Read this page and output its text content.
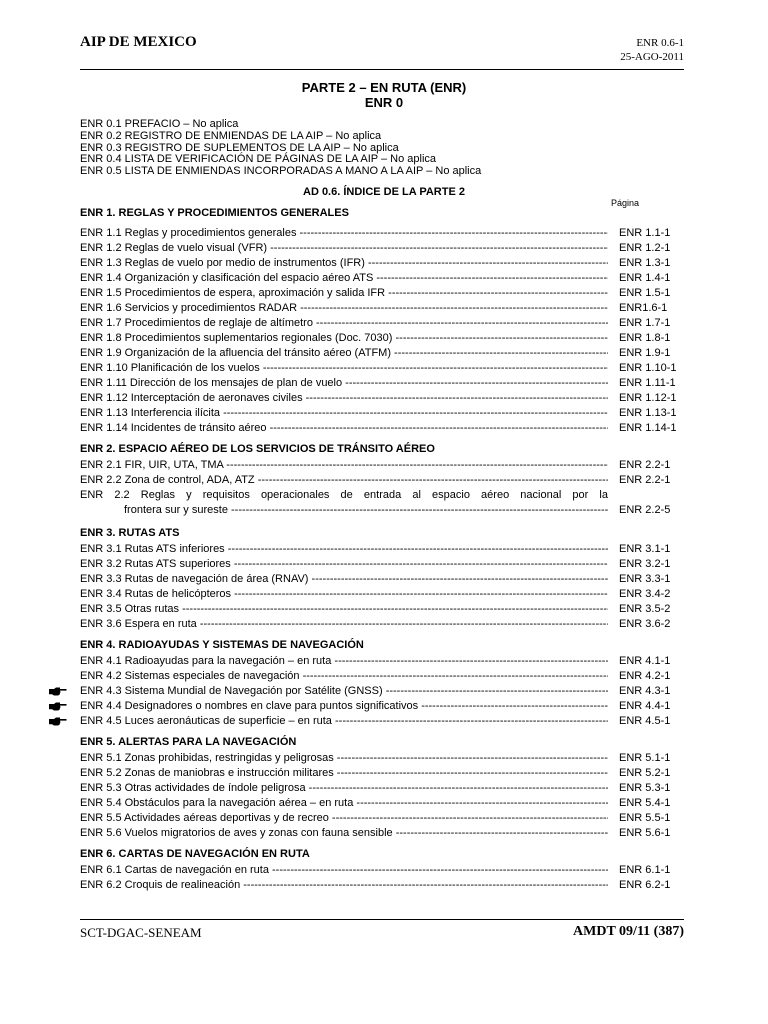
AIP DE MEXICO	ENR 0.6-1
25-AGO-2011
PARTE 2 – EN RUTA (ENR)
ENR 0
ENR 0.1 PREFACIO – No aplica
ENR 0.2 REGISTRO DE ENMIENDAS DE LA AIP – No aplica
ENR 0.3 REGISTRO DE SUPLEMENTOS DE LA AIP – No aplica
ENR 0.4 LISTA DE VERIFICACIÓN DE PÁGINAS DE LA AIP – No aplica
ENR 0.5 LISTA DE ENMIENDAS INCORPORADAS A MANO A LA AIP – No aplica
AD 0.6. ÍNDICE DE LA PARTE 2
Página
ENR 1. REGLAS Y PROCEDIMIENTOS GENERALES
ENR 1.1 Reglas y procedimientos generales -----	ENR 1.1-1
ENR 1.2 Reglas de vuelo visual (VFR) -----	ENR 1.2-1
ENR 1.3 Reglas de vuelo por medio de instrumentos (IFR) -----	ENR 1.3-1
ENR 1.4 Organización y clasificación del espacio aéreo ATS -----	ENR 1.4-1
ENR 1.5 Procedimientos de espera, aproximación y salida IFR -----	ENR 1.5-1
ENR 1.6 Servicios y procedimientos RADAR -----	ENR1.6-1
ENR 1.7 Procedimientos de reglaje de altímetro -----	ENR 1.7-1
ENR 1.8 Procedimientos suplementarios regionales (Doc. 7030) -----	ENR 1.8-1
ENR 1.9 Organización de la afluencia del tránsito aéreo (ATFM) -----	ENR 1.9-1
ENR 1.10 Planificación de los vuelos -----	ENR 1.10-1
ENR 1.11 Dirección de los mensajes de plan de vuelo -----	ENR 1.11-1
ENR 1.12 Interceptación de aeronaves civiles -----	ENR 1.12-1
ENR 1.13 Interferencia ilícita -----	ENR 1.13-1
ENR 1.14 Incidentes de tránsito aéreo -----	ENR 1.14-1
ENR 2. ESPACIO AÉREO DE LOS SERVICIOS DE TRÁNSITO AÉREO
ENR 2.1 FIR, UIR, UTA, TMA -----	ENR 2.2-1
ENR 2.2 Zona de control, ADA, ATZ -----	ENR 2.2-1
ENR 2.2 Reglas y requisitos operacionales de entrada al espacio aéreo nacional por la
frontera sur y sureste -----	ENR 2.2-5
ENR 3. RUTAS ATS
ENR 3.1 Rutas ATS inferiores -----	ENR 3.1-1
ENR 3.2 Rutas ATS superiores -----	ENR 3.2-1
ENR 3.3 Rutas de navegación de área (RNAV) -----	ENR 3.3-1
ENR 3.4 Rutas de helicópteros -----	ENR 3.4-2
ENR 3.5 Otras rutas -----	ENR 3.5-2
ENR 3.6 Espera en ruta -----	ENR 3.6-2
ENR 4. RADIOAYUDAS Y SISTEMAS DE NAVEGACIÓN
ENR 4.1 Radioayudas para la navegación – en ruta -----	ENR 4.1-1
ENR 4.2 Sistemas especiales de navegación -----	ENR 4.2-1
ENR 4.3 Sistema Mundial de Navegación por Satélite (GNSS) -----	ENR 4.3-1
ENR 4.4 Designadores o nombres en clave para puntos significativos -----	ENR 4.4-1
ENR 4.5 Luces aeronáuticas de superficie – en ruta -----	ENR 4.5-1
ENR 5. ALERTAS PARA LA NAVEGACIÓN
ENR 5.1 Zonas prohibidas, restringidas y peligrosas -----	ENR 5.1-1
ENR 5.2 Zonas de maniobras e instrucción militares -----	ENR 5.2-1
ENR 5.3 Otras actividades de índole peligrosa -----	ENR 5.3-1
ENR 5.4 Obstáculos para la navegación aérea – en ruta -----	ENR 5.4-1
ENR 5.5 Actividades aéreas deportivas y de recreo -----	ENR 5.5-1
ENR 5.6 Vuelos migratorios de aves y zonas con fauna sensible -----	ENR 5.6-1
ENR 6. CARTAS DE NAVEGACIÓN EN RUTA
ENR 6.1 Cartas de navegación en ruta -----	ENR 6.1-1
ENR 6.2 Croquis de realineación -----	ENR 6.2-1
SCT-DGAC-SENEAM	AMDT 09/11 (387)
